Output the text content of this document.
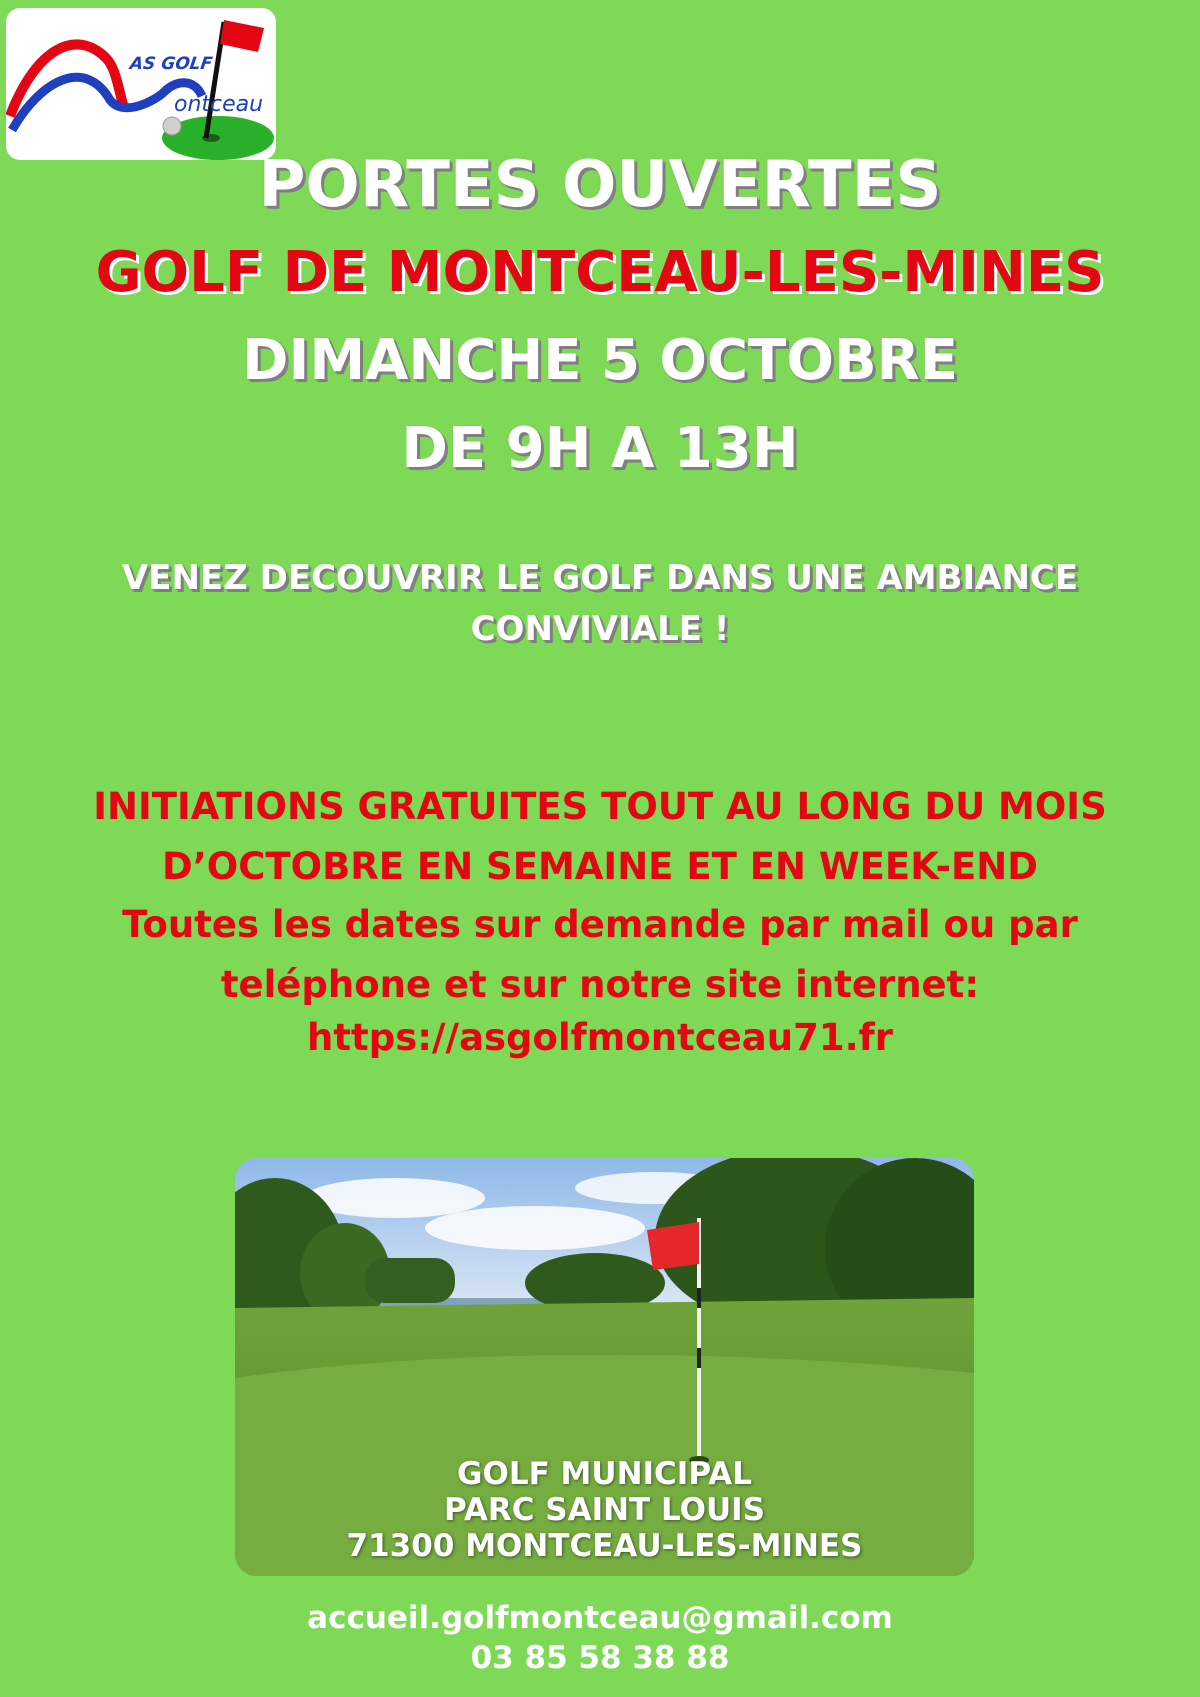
AS GOLF
ontceau
PORTES OUVERTES
GOLF DE MONTCEAU-LES-MINES
DIMANCHE 5 OCTOBRE
DE 9H A 13H
VENEZ DECOUVRIR LE GOLF DANS UNE AMBIANCE
CONVIVIALE !
INITIATIONS GRATUITES TOUT AU LONG DU MOIS
D’OCTOBRE EN SEMAINE ET EN WEEK-END
Toutes les dates sur demande par mail ou par
teléphone et sur notre site internet:
https://asgolfmontceau71.fr
GOLF MUNICIPAL
PARC SAINT LOUIS
71300 MONTCEAU-LES-MINES
accueil.golfmontceau@gmail.com
03 85 58 38 88
